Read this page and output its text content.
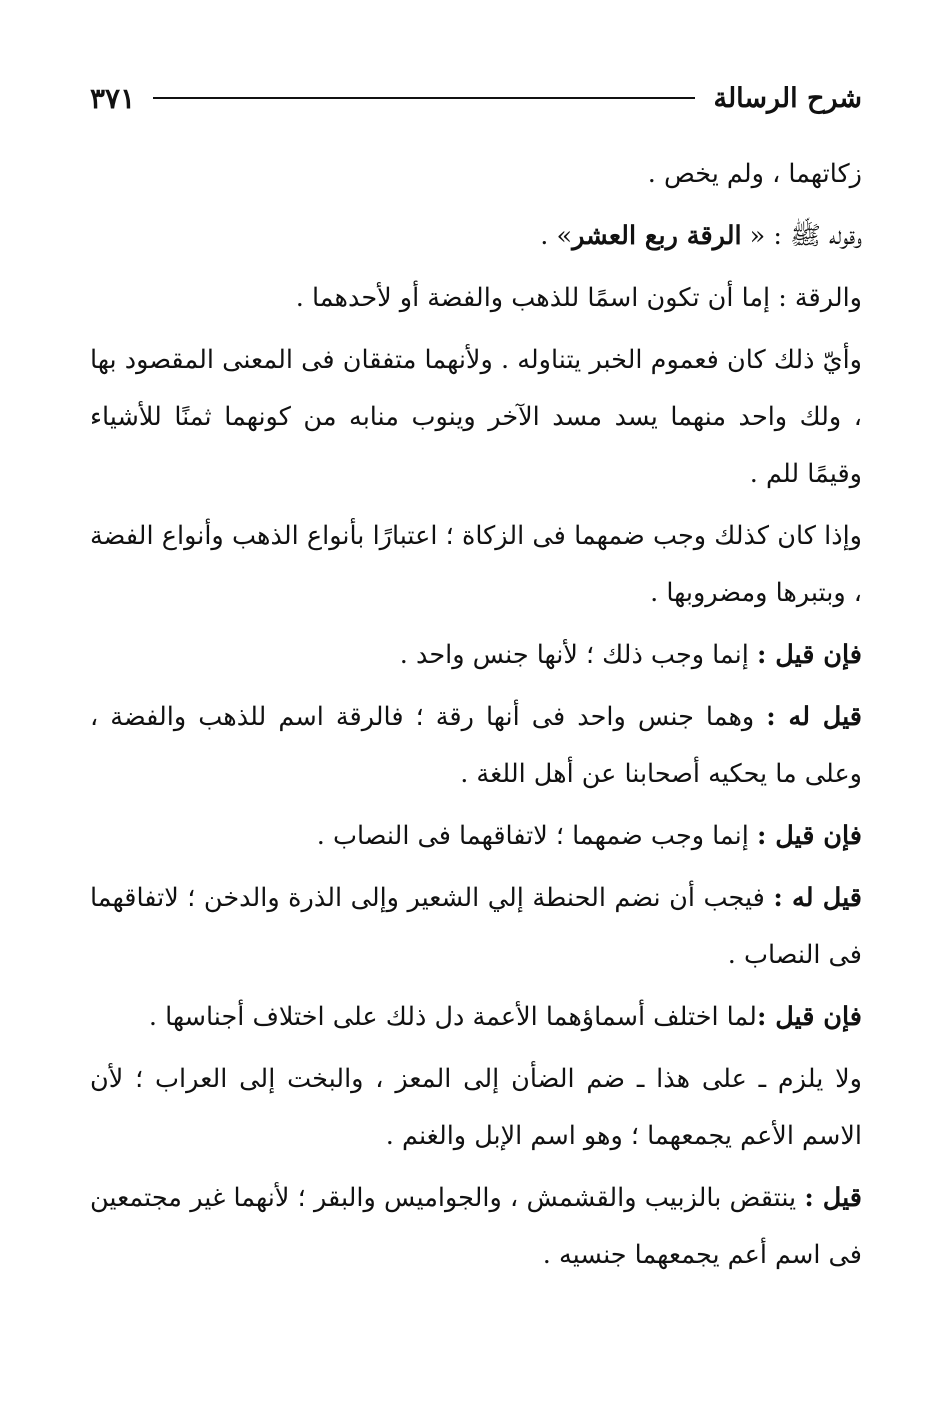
شرح الرسالة
٣٧١

زكاتهما ، ولم يخص .

وقوله ﷺ : « الرقة ربع العشر» .

والرقة : إما أن تكون اسمًا للذهب والفضة أو لأحدهما .

وأيّ ذلك كان فعموم الخبر يتناوله . ولأنهما متفقان فى المعنى المقصود بها ، ولك واحد منهما يسد مسد الآخر وينوب منابه من كونهما ثمنًا للأشياء وقيمًا للم .

وإذا كان كذلك وجب ضمهما فى الزكاة ؛ اعتبارًا بأنواع الذهب وأنواع الفضة ، وبتبرها ومضروبها .

فإن قيل : إنما وجب ذلك ؛ لأنها جنس واحد .

قيل له : وهما جنس واحد فى أنها رقة ؛ فالرقة اسم للذهب والفضة ، وعلى ما يحكيه أصحابنا عن أهل اللغة .

فإن قيل : إنما وجب ضمهما ؛ لاتفاقهما فى النصاب .

قيل له : فيجب أن نضم الحنطة إلي الشعير وإلى الذرة والدخن ؛ لاتفاقهما فى النصاب .

فإن قيل :لما اختلف أسماؤهما الأعمة دل ذلك على اختلاف أجناسها .

ولا يلزم ـ على هذا ـ ضم الضأن إلى المعز ، والبخت إلى العراب ؛ لأن الاسم الأعم يجمعهما ؛ وهو اسم الإبل والغنم .

قيل : ينتقض بالزبيب والقشمش ، والجواميس والبقر ؛ لأنهما غير مجتمعين فى اسم أعم يجمعهما جنسيه .
